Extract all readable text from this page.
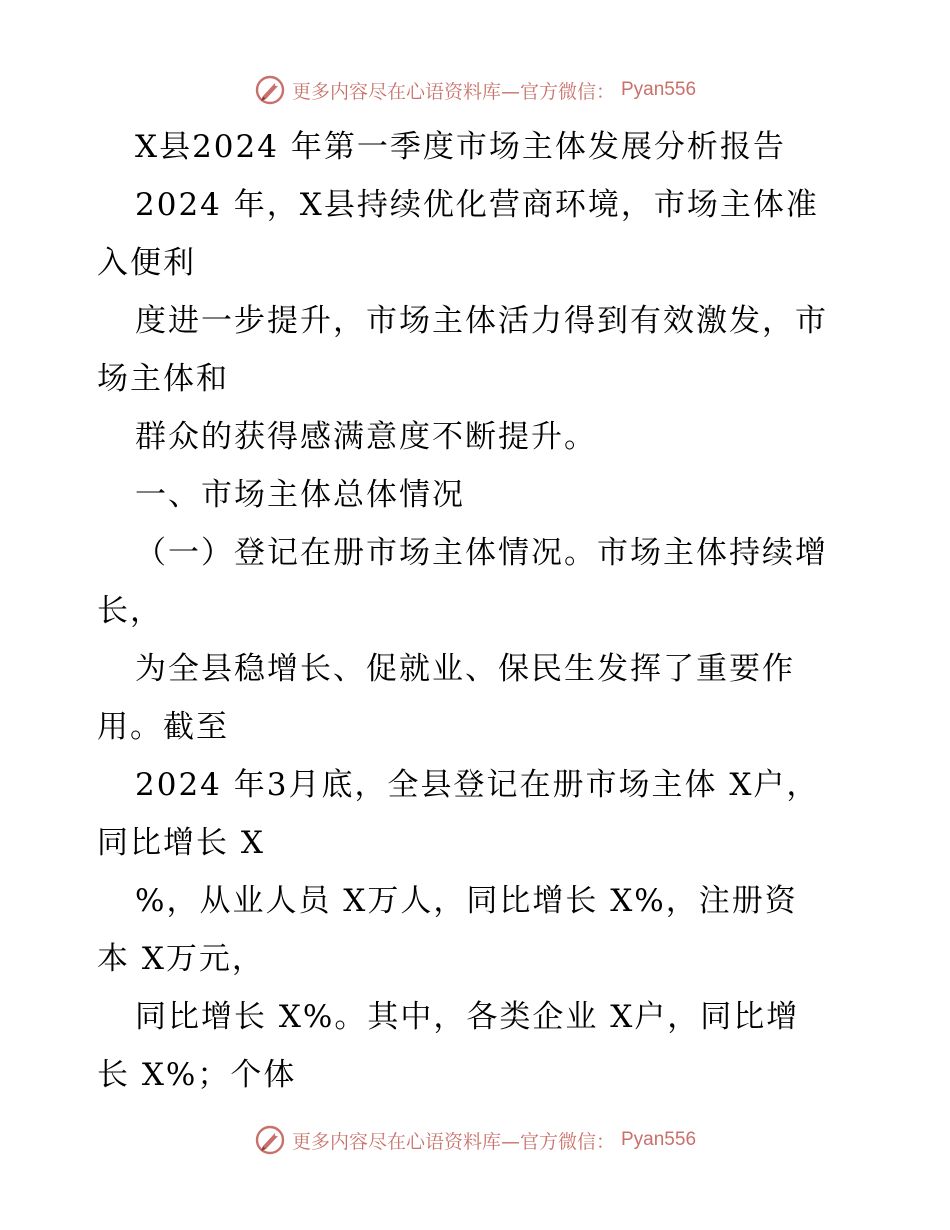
更多内容尽在心语资料库—官方微信： Pyan556
X县2024 年第一季度市场主体发展分析报告
2024 年，X县持续优化营商环境，市场主体准
入便利
度进一步提升，市场主体活力得到有效激发，市
场主体和
群众的获得感满意度不断提升。
一、市场主体总体情况
（一）登记在册市场主体情况。市场主体持续增
长，
为全县稳增长、促就业、保民生发挥了重要作
用。截至
2024 年3月底，全县登记在册市场主体 X户，
同比增长 X
%，从业人员 X万人，同比增长 X%，注册资
本 X万元，
同比增长 X%。其中，各类企业 X户，同比增
长 X%；个体
更多内容尽在心语资料库—官方微信： Pyan556
